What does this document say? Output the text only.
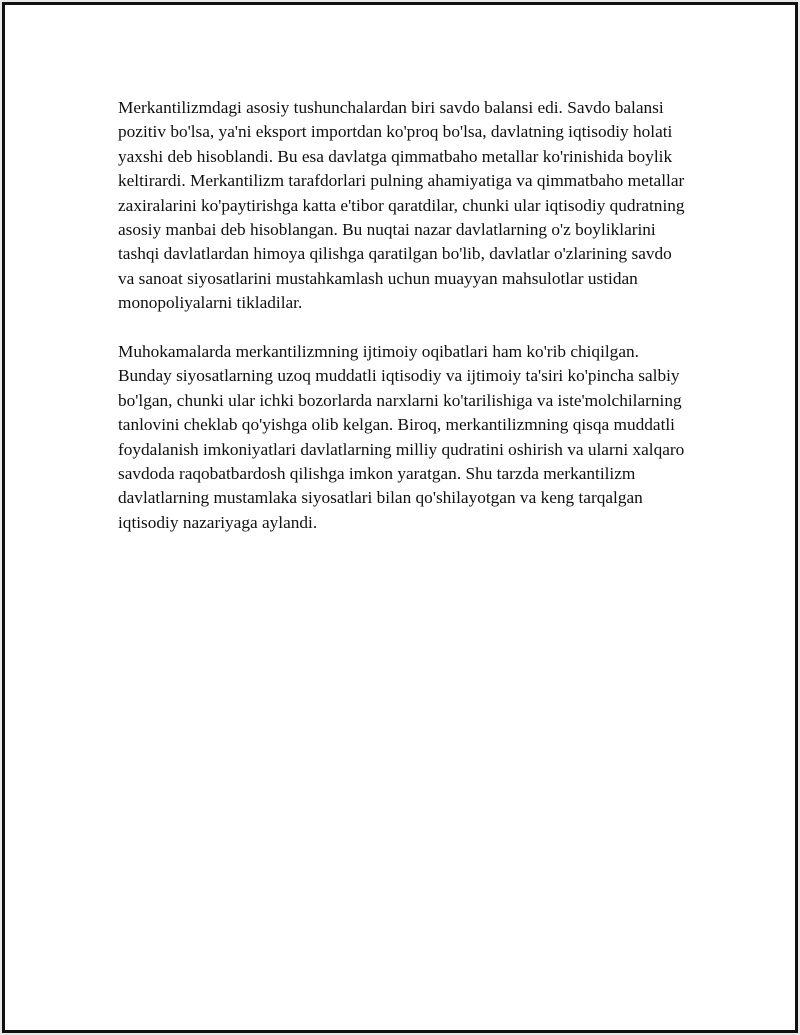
Merkantilizmdagi asosiy tushunchalardan biri savdo balansi edi. Savdo balansi pozitiv bo'lsa, ya'ni eksport importdan ko'proq bo'lsa, davlatning iqtisodiy holati yaxshi deb hisoblandi. Bu esa davlatga qimmatbaho metallar ko'rinishida boylik keltirardi. Merkantilizm tarafdorlari pulning ahamiyatiga va qimmatbaho metallar zaxiralarini ko'paytirishga katta e'tibor qaratdilar, chunki ular iqtisodiy qudratning asosiy manbai deb hisoblangan. Bu nuqtai nazar davlatlarning o'z boyliklarini tashqi davlatlardan himoya qilishga qaratilgan bo'lib, davlatlar o'zlarining savdo va sanoat siyosatlarini mustahkamlash uchun muayyan mahsulotlar ustidan monopoliyalarni tikladilar.

Muhokamalarda merkantilizmning ijtimoiy oqibatlari ham ko'rib chiqilgan. Bunday siyosatlarning uzoq muddatli iqtisodiy va ijtimoiy ta'siri ko'pincha salbiy bo'lgan, chunki ular ichki bozorlarda narxlarni ko'tarilishiga va iste'molchilarning tanlovini cheklab qo'yishga olib kelgan. Biroq, merkantilizmning qisqa muddatli foydalanish imkoniyatlari davlatlarning milliy qudratini oshirish va ularni xalqaro savdoda raqobatbardosh qilishga imkon yaratgan. Shu tarzda merkantilizm davlatlarning mustamlaka siyosatlari bilan qo'shilayotgan va keng tarqalgan iqtisodiy nazariyaga aylandi.
